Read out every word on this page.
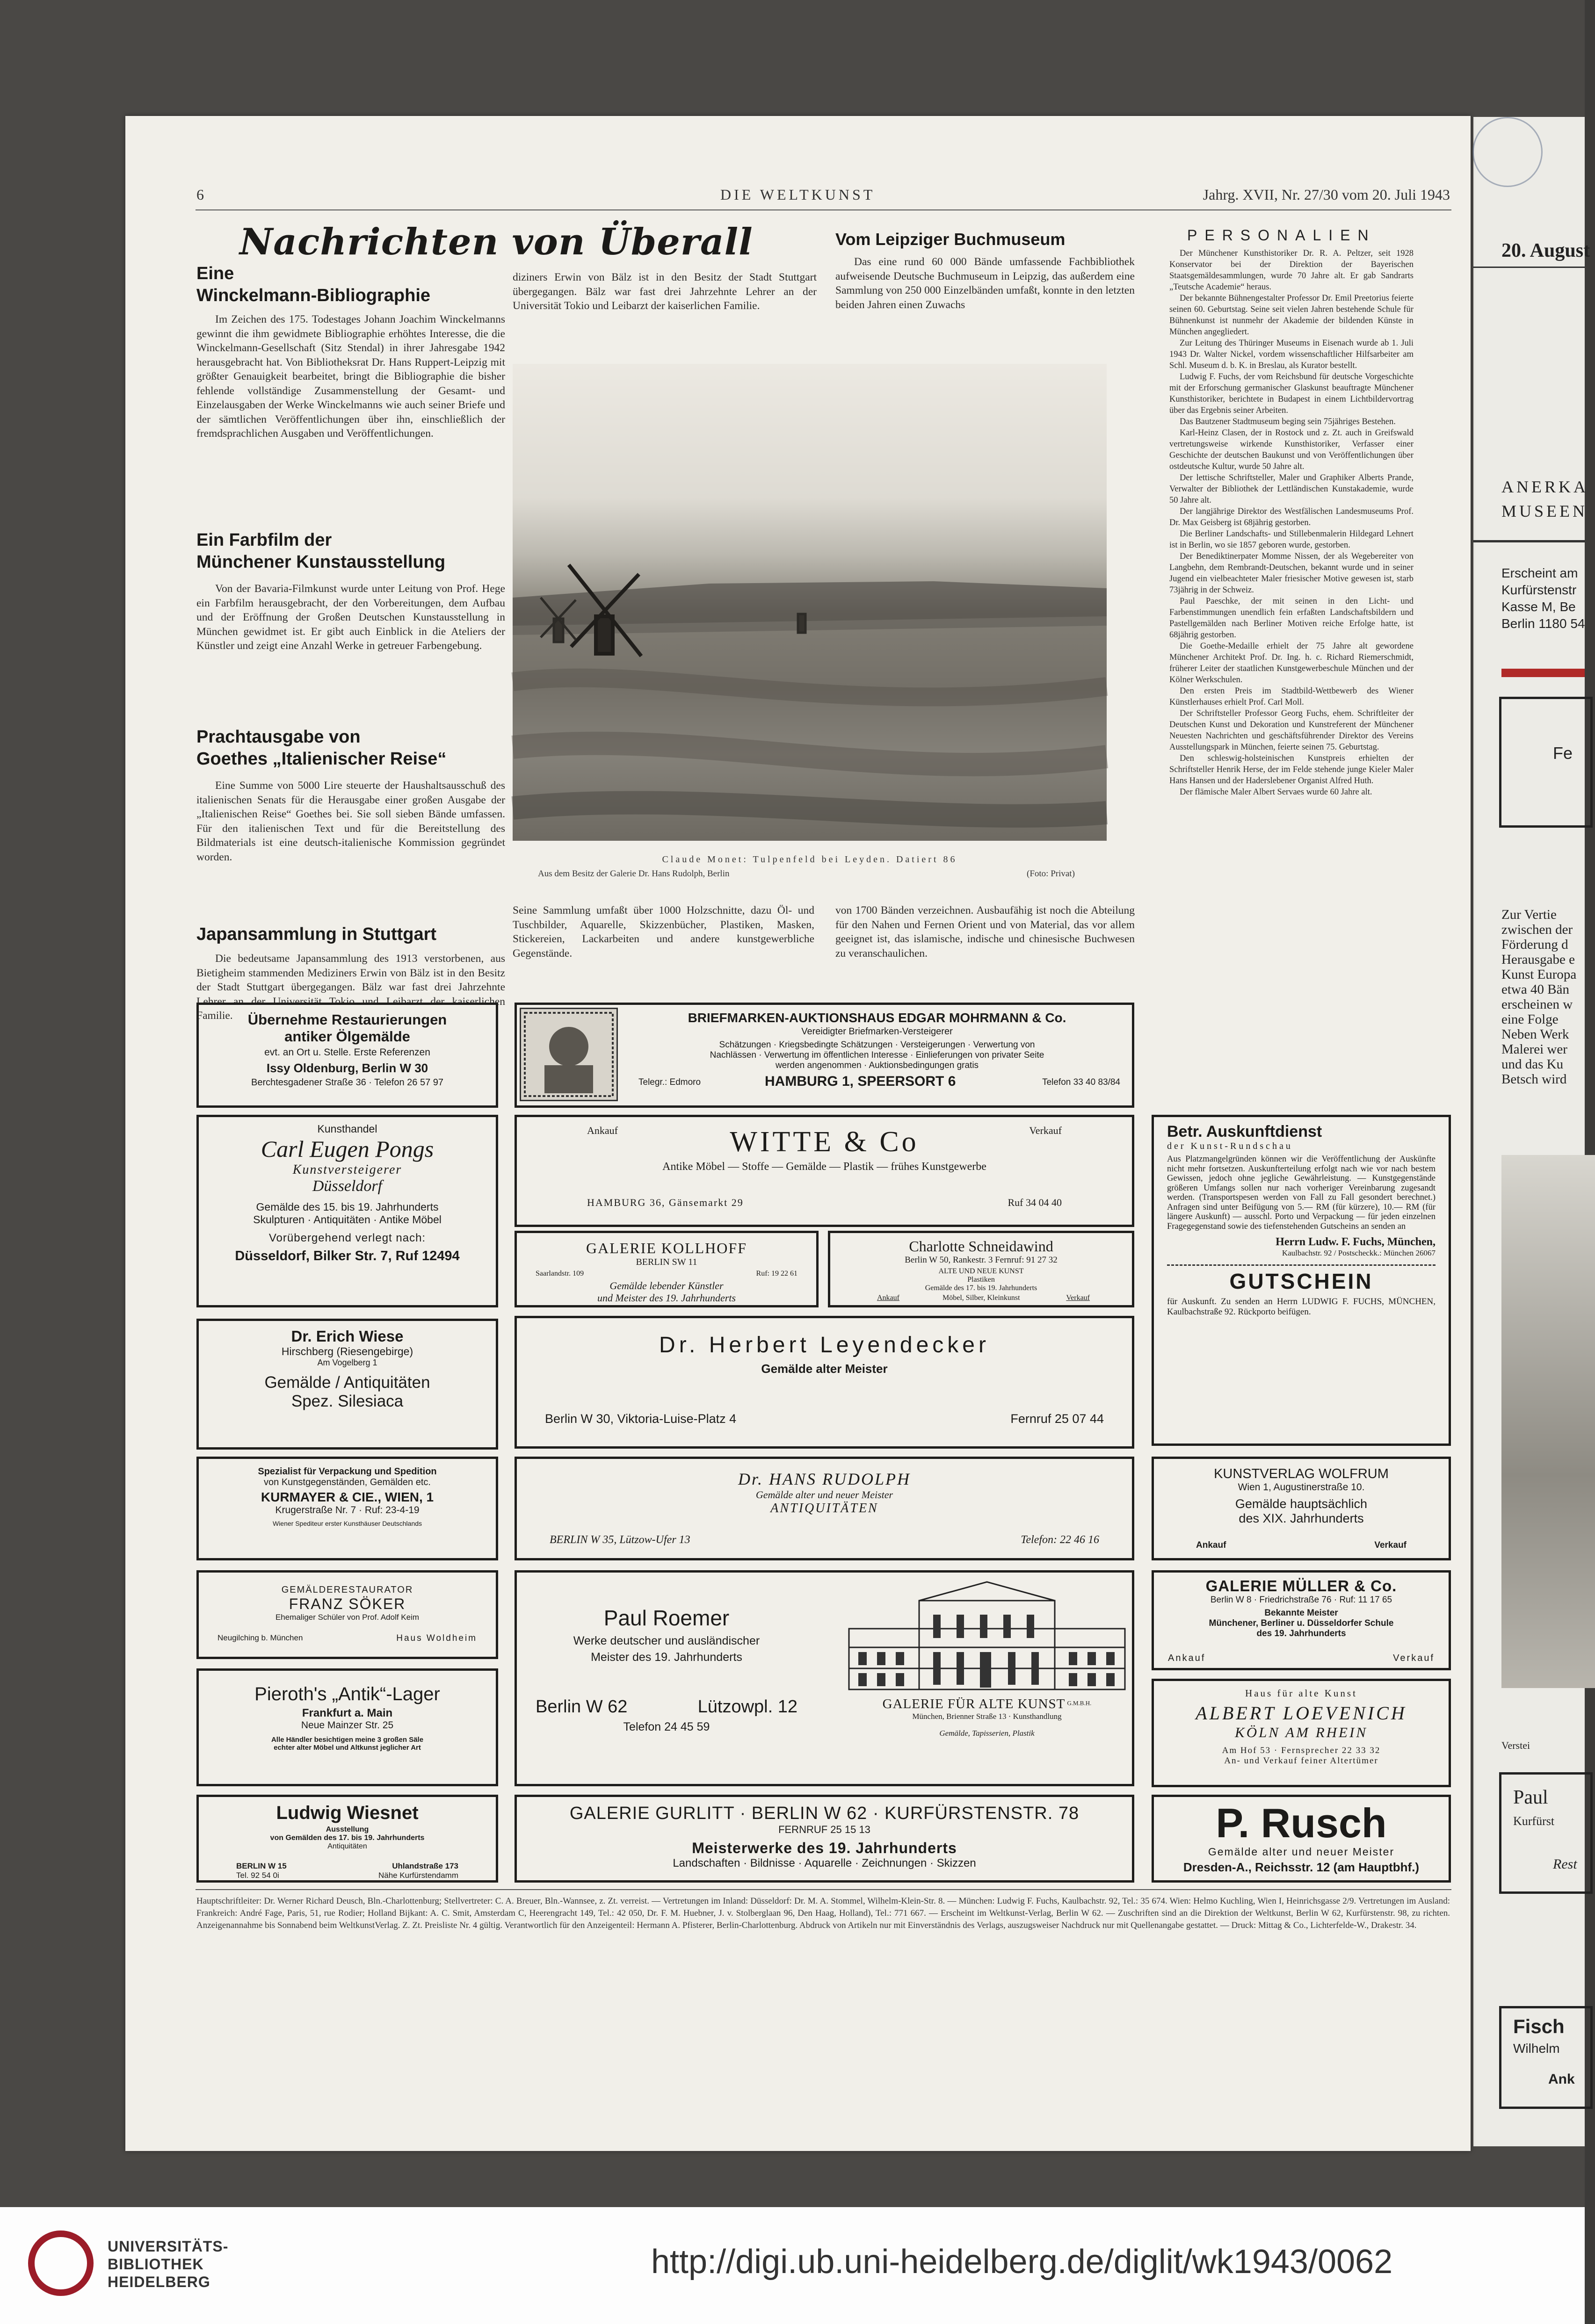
20. August
ANERKA
MUSEEN
Erscheint am
Kurfürstenstr
Kasse M, Be
Berlin 1180 54
Fe
Zur Vertie
zwischen der
Förderung d
Herausgabe e
Kunst Europa
etwa 40 Bän
erscheinen w
eine Folge
Neben Werk
Malerei wer
und das Ku
Betsch wird
Verstei
Paul
Kurfürst
Rest
Fisch
Wilhelm
Ank
6	DIE WELTKUNST	Jahrg. XVII, Nr. 27/30 vom 20. Juli 1943
Nachrichten von Überall
Eine
Winckelmann-Bibliographie
Im Zeichen des 175. Todestages Johann Joachim Winckelmanns gewinnt die ihm gewidmete Bibliographie erhöhtes Interesse, die die Winckelmann-Gesellschaft (Sitz Stendal) in ihrer Jahresgabe 1942 herausgebracht hat. Von Bibliotheksrat Dr. Hans Ruppert-Leipzig mit größter Genauigkeit bearbeitet, bringt die Bibliographie die bisher fehlende vollständige Zusammenstellung der Gesamt- und Einzelausgaben der Werke Winckelmanns wie auch seiner Briefe und der sämtlichen Veröffentlichungen über ihn, einschließlich der fremdsprachlichen Ausgaben und Veröffentlichungen.
Ein Farbfilm der
Münchener Kunstausstellung
Von der Bavaria-Filmkunst wurde unter Leitung von Prof. Hege ein Farbfilm herausgebracht, der den Vorbereitungen, dem Aufbau und der Eröffnung der Großen Deutschen Kunstausstellung in München gewidmet ist. Er gibt auch Einblick in die Ateliers der Künstler und zeigt eine Anzahl Werke in getreuer Farbengebung.
Prachtausgabe von
Goethes „Italienischer Reise“
Eine Summe von 5000 Lire steuerte der Haushaltsausschuß des italienischen Senats für die Herausgabe einer großen Ausgabe der „Italienischen Reise“ Goethes bei. Sie soll sieben Bände umfassen. Für den italienischen Text und für die Bereitstellung des Bildmaterials ist eine deutsch-italienische Kommission gegründet worden.
Japansammlung in Stuttgart
Die bedeutsame Japansammlung des 1913 verstorbenen, aus Bietigheim stammenden Mediziners Erwin von Bälz ist in den Besitz der Stadt Stuttgart übergegangen. Bälz war fast drei Jahrzehnte Lehrer an der Universität Tokio und Leibarzt der kaiserlichen Familie.
diziners Erwin von Bälz ist in den Besitz der Stadt Stuttgart übergegangen. Bälz war fast drei Jahrzehnte Lehrer an der Universität Tokio und Leibarzt der kaiserlichen Familie.
Seine Sammlung umfaßt über 1000 Holzschnitte, dazu Öl- und Tuschbilder, Aquarelle, Skizzenbücher, Plastiken, Masken, Stickereien, Lackarbeiten und andere kunstgewerbliche Gegenstände.
Vom Leipziger Buchmuseum
Das eine rund 60 000 Bände umfassende Fachbibliothek aufweisende Deutsche Buchmuseum in Leipzig, das außerdem eine Sammlung von 250 000 Einzelbänden umfaßt, konnte in den letzten beiden Jahren einen Zuwachs
von 1700 Bänden verzeichnen. Ausbaufähig ist noch die Abteilung für den Nahen und Fernen Orient und von Material, das vor allem geeignet ist, das islamische, indische und chinesische Buchwesen zu veranschaulichen.
Claude Monet: Tulpenfeld bei Leyden. Datiert 86
Aus dem Besitz der Galerie Dr. Hans Rudolph, Berlin	(Foto: Privat)
PERSONALIEN

Der Münchener Kunsthistoriker Dr. R. A. Peltzer, seit 1928 Konservator bei der Direktion der Bayerischen Staatsgemäldesammlungen, wurde 70 Jahre alt. Er gab Sandrarts „Teutsche Academie“ heraus.

Der bekannte Bühnengestalter Professor Dr. Emil Preetorius feierte seinen 60. Geburtstag. Seine seit vielen Jahren bestehende Schule für Bühnenkunst ist nunmehr der Akademie der bildenden Künste in München angegliedert.

Zur Leitung des Thüringer Museums in Eisenach wurde ab 1. Juli 1943 Dr. Walter Nickel, vordem wissenschaftlicher Hilfsarbeiter am Schl. Museum d. b. K. in Breslau, als Kurator bestellt.

Ludwig F. Fuchs, der vom Reichsbund für deutsche Vorgeschichte mit der Erforschung germanischer Glaskunst beauftragte Münchener Kunsthistoriker, berichtete in Budapest in einem Lichtbildervortrag über das Ergebnis seiner Arbeiten.

Das Bautzener Stadtmuseum beging sein 75jähriges Bestehen.

Karl-Heinz Clasen, der in Rostock und z. Zt. auch in Greifswald vertretungsweise wirkende Kunsthistoriker, Verfasser einer Geschichte der deutschen Baukunst und von Veröffentlichungen über ostdeutsche Kultur, wurde 50 Jahre alt.

Der lettische Schriftsteller, Maler und Graphiker Alberts Prande, Verwalter der Bibliothek der Lettländischen Kunstakademie, wurde 50 Jahre alt.

Der langjährige Direktor des Westfälischen Landesmuseums Prof. Dr. Max Geisberg ist 68jährig gestorben.

Die Berliner Landschafts- und Stillebenmalerin Hildegard Lehnert ist in Berlin, wo sie 1857 geboren wurde, gestorben.

Der Benediktinerpater Momme Nissen, der als Wegebereiter von Langbehn, dem Rembrandt-Deutschen, bekannt wurde und in seiner Jugend ein vielbeachteter Maler friesischer Motive gewesen ist, starb 73jährig in der Schweiz.

Paul Paeschke, der mit seinen in den Licht- und Farbenstimmungen unendlich fein erfaßten Landschaftsbildern und Pastellgemälden nach Berliner Motiven reiche Erfolge hatte, ist 68jährig gestorben.

Die Goethe-Medaille erhielt der 75 Jahre alt gewordene Münchener Architekt Prof. Dr. Ing. h. c. Richard Riemerschmidt, früherer Leiter der staatlichen Kunstgewerbeschule München und der Kölner Werkschulen.

Den ersten Preis im Stadtbild-Wettbewerb des Wiener Künstlerhauses erhielt Prof. Carl Moll.

Der Schriftsteller Professor Georg Fuchs, ehem. Schriftleiter der Deutschen Kunst und Dekoration und Kunstreferent der Münchener Neuesten Nachrichten und geschäftsführender Direktor des Vereins Ausstellungspark in München, feierte seinen 75. Geburtstag.

Den schleswig-holsteinischen Kunstpreis erhielten der Schriftsteller Henrik Herse, der im Felde stehende junge Kieler Maler Hans Hansen und der Haderslebener Organist Alfred Huth.

Der flämische Maler Albert Servaes wurde 60 Jahre alt.

Übernehme Restaurierungen
antiker Ölgemälde
evt. an Ort u. Stelle. Erste Referenzen
Issy Oldenburg, Berlin W 30
Berchtesgadener Straße 36 · Telefon 26 57 97
BRIEFMARKEN-AUKTIONSHAUS EDGAR MOHRMANN & Co.
Vereidigter Briefmarken-Versteigerer
Schätzungen · Kriegsbedingte Schätzungen · Versteigerungen · Verwertung von Nachlässen · Verwertung im öffentlichen Interesse · Einlieferungen von privater Seite werden angenommen · Auktionsbedingungen gratis
Telegr.: Edmoro	HAMBURG 1, SPEERSORT 6	Telefon 33 40 83/84
Kunsthandel
Carl Eugen Pongs
Kunstversteigerer
Düsseldorf
Gemälde des 15. bis 19. Jahrhunderts
Skulpturen · Antiquitäten · Antike Möbel
Vorübergehend verlegt nach:
Düsseldorf, Bilker Str. 7, Ruf 12494
Ankauf	Verkauf
WITTE & Co
Antike Möbel — Stoffe — Gemälde — Plastik — frühes Kunstgewerbe
HAMBURG 36, Gänsemarkt 29	Ruf 34 04 40
GALERIE KOLLHOFF
BERLIN SW 11
Saarlandstr. 109	Ruf: 19 22 61
Gemälde lebender Künstler
und Meister des 19. Jahrhunderts
Charlotte Schneidawind
Berlin W 50, Rankestr. 3 Fernruf: 91 27 32
ALTE UND NEUE KUNST
Plastiken
Gemälde des 17. bis 19. Jahrhunderts
Ankauf	Möbel, Silber, Kleinkunst	Verkauf
Betr. Auskunftdienst
der Kunst-Rundschau
Aus Platzmangelgründen können wir die Veröffentlichung der Auskünfte nicht mehr fortsetzen. Auskunfterteilung erfolgt nach wie vor nach bestem Gewissen, jedoch ohne jegliche Gewährleistung. — Kunstgegenstände größeren Umfangs sollen nur nach vorheriger Vereinbarung zugesandt werden. (Transportspesen werden von Fall zu Fall gesondert berechnet.) Anfragen sind unter Beifügung von 5.— RM (für kürzere), 10.— RM (für längere Auskunft) — ausschl. Porto und Verpackung — für jeden einzelnen Fragegegenstand sowie des tiefenstehenden Gutscheins an senden an
Herrn Ludw. F. Fuchs, München,
Kaulbachstr. 92 / Postscheckk.: München 26067
GUTSCHEIN
für Auskunft. Zu senden an Herrn LUDWIG F. FUCHS, MÜNCHEN, Kaulbachstraße 92. Rückporto beifügen.
Dr. Erich Wiese
Hirschberg (Riesengebirge)
Am Vogelberg 1
Gemälde / Antiquitäten
Spez. Silesiaca
Dr. Herbert Leyendecker
Gemälde alter Meister
Berlin W 30, Viktoria-Luise-Platz 4	Fernruf 25 07 44
Spezialist für Verpackung und Spedition
von Kunstgegenständen, Gemälden etc.
KURMAYER & CIE., WIEN, 1
Krugerstraße Nr. 7 · Ruf: 23-4-19
Wiener Spediteur erster Kunsthäuser Deutschlands
Dr. HANS RUDOLPH
Gemälde alter und neuer Meister
ANTIQUITÄTEN
BERLIN W 35, Lützow-Ufer 13	Telefon: 22 46 16
KUNSTVERLAG WOLFRUM
Wien 1, Augustinerstraße 10.
Gemälde hauptsächlich
des XIX. Jahrhunderts
Ankauf	Verkauf
GEMÄLDERESTAURATOR
FRANZ SÖKER
Ehemaliger Schüler von Prof. Adolf Keim
Neugilching b. München	Haus Woldheim
Paul Roemer
Werke deutscher und ausländischer
Meister des 19. Jahrhunderts
Berlin W 62	Lützowpl. 12
Telefon 24 45 59
GALERIE FÜR ALTE KUNST $^{G.M.B.H.}$
München, Brienner Straße 13 · Kunsthandlung
Gemälde, Tapisserien, Plastik
GALERIE MÜLLER & Co.
Berlin W 8 · Friedrichstraße 76 · Ruf: 11 17 65
Bekannte Meister
Münchener, Berliner u. Düsseldorfer Schule
des 19. Jahrhunderts
Ankauf	Verkauf
Pieroth's „Antik“-Lager
Frankfurt a. Main
Neue Mainzer Str. 25
Alle Händler besichtigen meine 3 großen Säle
echter alter Möbel und Altkunst jeglicher Art
Haus für alte Kunst
ALBERT LOEVENICH
KÖLN AM RHEIN
Am Hof 53 · Fernsprecher 22 33 32
An- und Verkauf feiner Altertümer
Ludwig Wiesnet
Ausstellung
von Gemälden des 17. bis 19. Jahrhunderts
Antiquitäten
BERLIN W 15
Tel. 92 54 0i
Uhlandstraße 173
Nähe Kurfürstendamm
GALERIE GURLITT · BERLIN W 62 · KURFÜRSTENSTR. 78
FERNRUF 25 15 13
Meisterwerke des 19. Jahrhunderts
Landschaften · Bildnisse · Aquarelle · Zeichnungen · Skizzen
P. Rusch
Gemälde alter und neuer Meister
Dresden-A., Reichsstr. 12 (am Hauptbhf.)
Hauptschriftleiter: Dr. Werner Richard Deusch, Bln.-Charlottenburg; Stellvertreter: C. A. Breuer, Bln.-Wannsee, z. Zt. verreist. — Vertretungen im Inland: Düsseldorf: Dr. M. A. Stommel, Wilhelm-Klein-Str. 8. — München: Ludwig F. Fuchs, Kaulbachstr. 92, Tel.: 35 674. Wien: Helmo Kuchling, Wien I, Heinrichsgasse 2/9. Vertretungen im Ausland: Frankreich: André Fage, Paris, 51, rue Rodier; Holland Bijkant: A. C. Smit, Amsterdam C, Heerengracht 149, Tel.: 42 050, Dr. F. M. Huebner, J. v. Stolberglaan 96, Den Haag, Holland), Tel.: 771 667. — Erscheint im Weltkunst-Verlag, Berlin W 62. — Zuschriften sind an die Direktion der Weltkunst, Berlin W 62, Kurfürstenstr. 98, zu richten. Anzeigenannahme bis Sonnabend beim WeltkunstVerlag. Z. Zt. Preisliste Nr. 4 gültig. Verantwortlich für den Anzeigenteil: Hermann A. Pfisterer, Berlin-Charlottenburg. Abdruck von Artikeln nur mit Einverständnis des Verlags, auszugsweiser Nachdruck nur mit Quellenangabe gestattet. — Druck: Mittag & Co., Lichterfelde-W., Drakestr. 34.
UNIVERSITÄTS-
BIBLIOTHEK
HEIDELBERG
http://digi.ub.uni-heidelberg.de/diglit/wk1943/0062
